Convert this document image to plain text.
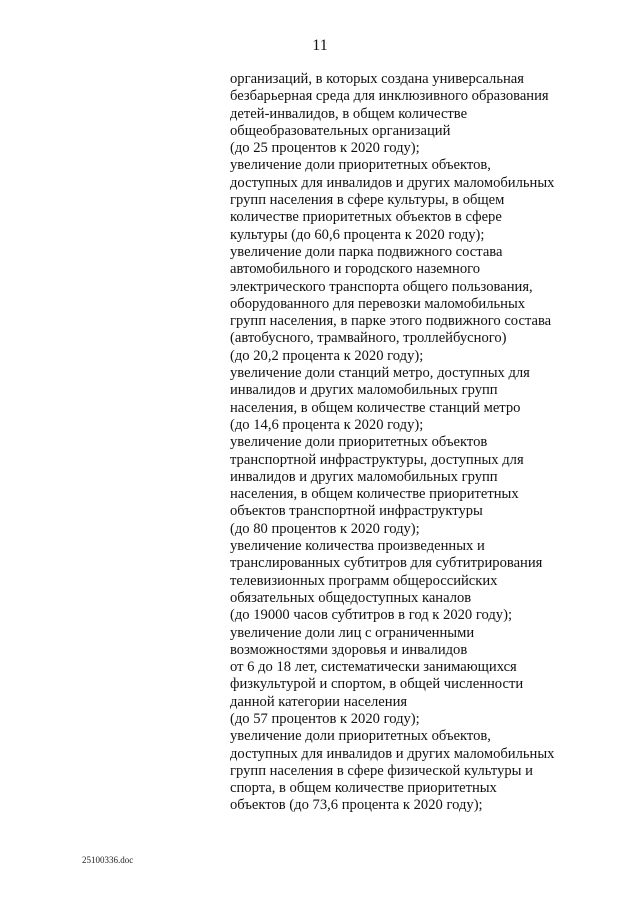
11
организаций, в которых создана универсальная
безбарьерная среда для инклюзивного образования
детей-инвалидов, в общем количестве
общеобразовательных организаций
(до 25 процентов к 2020 году);
увеличение доли приоритетных объектов,
доступных для инвалидов и других маломобильных
групп населения в сфере культуры, в общем
количестве приоритетных объектов в сфере
культуры (до 60,6 процента к 2020 году);
увеличение доли парка подвижного состава
автомобильного и городского наземного
электрического транспорта общего пользования,
оборудованного для перевозки маломобильных
групп населения, в парке этого подвижного состава
(автобусного, трамвайного, троллейбусного)
(до 20,2 процента к 2020 году);
увеличение доли станций метро, доступных для
инвалидов и других маломобильных групп
населения, в общем количестве станций метро
(до 14,6 процента к 2020 году);
увеличение доли приоритетных объектов
транспортной инфраструктуры, доступных для
инвалидов и других маломобильных групп
населения, в общем количестве приоритетных
объектов транспортной инфраструктуры
(до 80 процентов к 2020 году);
увеличение количества произведенных и
транслированных субтитров для субтитрирования
телевизионных программ общероссийских
обязательных общедоступных каналов
(до 19000 часов субтитров в год к 2020 году);
увеличение доли лиц с ограниченными
возможностями здоровья и инвалидов
от 6 до 18 лет, систематически занимающихся
физкультурой и спортом, в общей численности
данной категории населения
(до 57 процентов к 2020 году);
увеличение доли приоритетных объектов,
доступных для инвалидов и других маломобильных
групп населения в сфере физической культуры и
спорта, в общем количестве приоритетных
объектов (до 73,6 процента к 2020 году);
25100336.doc
